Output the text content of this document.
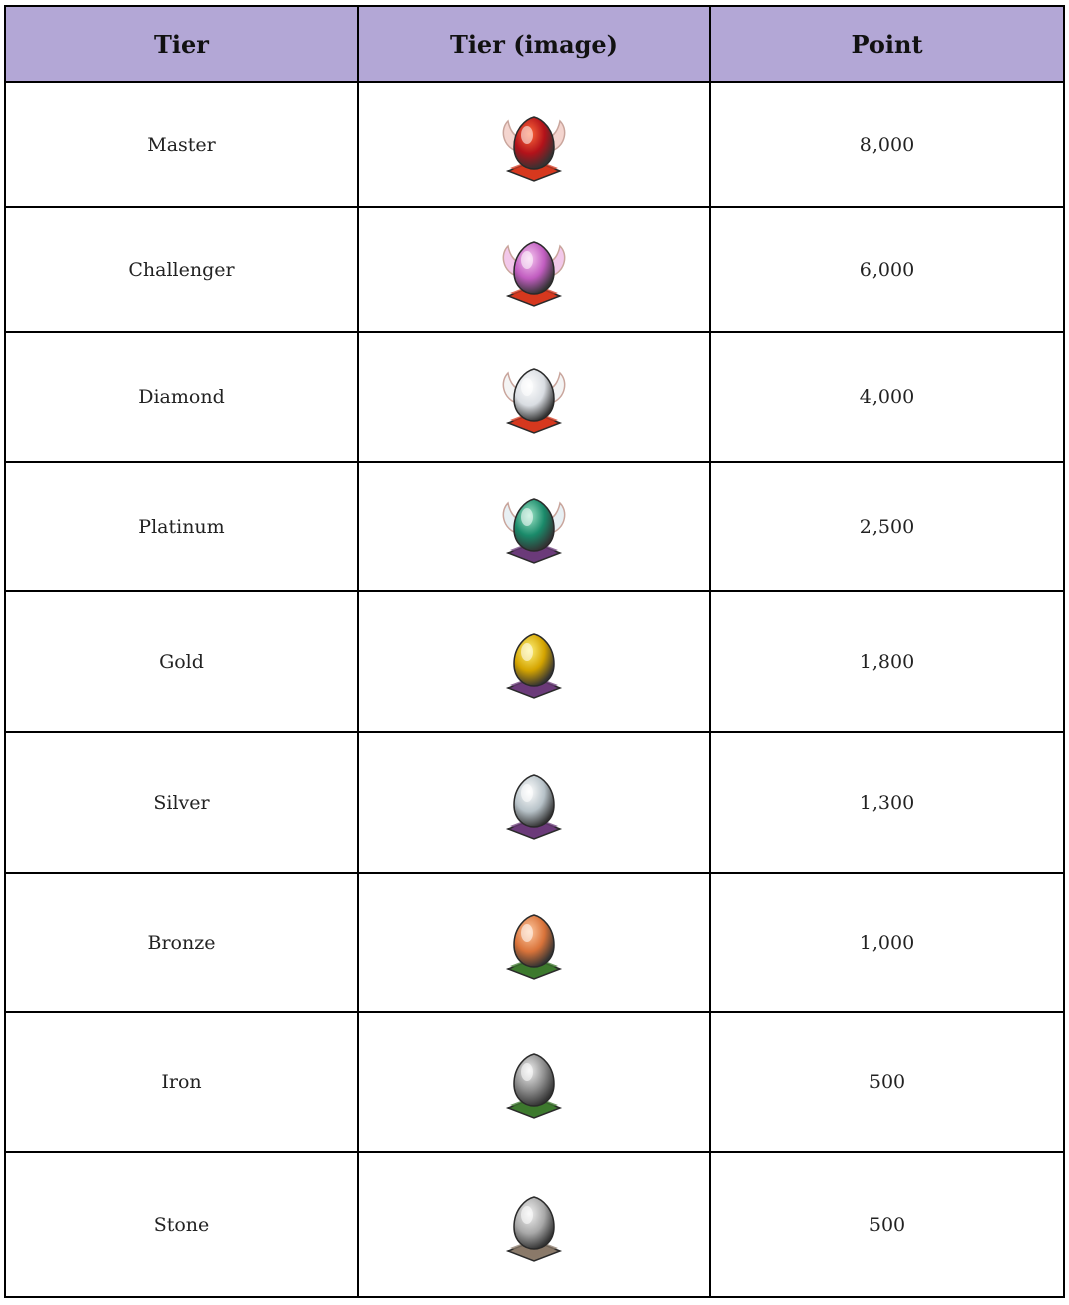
Tier	Tier (image)	Point
Master		8,000
Challenger		6,000
Diamond		4,000
Platinum		2,500
Gold		1,800
Silver		1,300
Bronze		1,000
Iron		500
Stone		500
